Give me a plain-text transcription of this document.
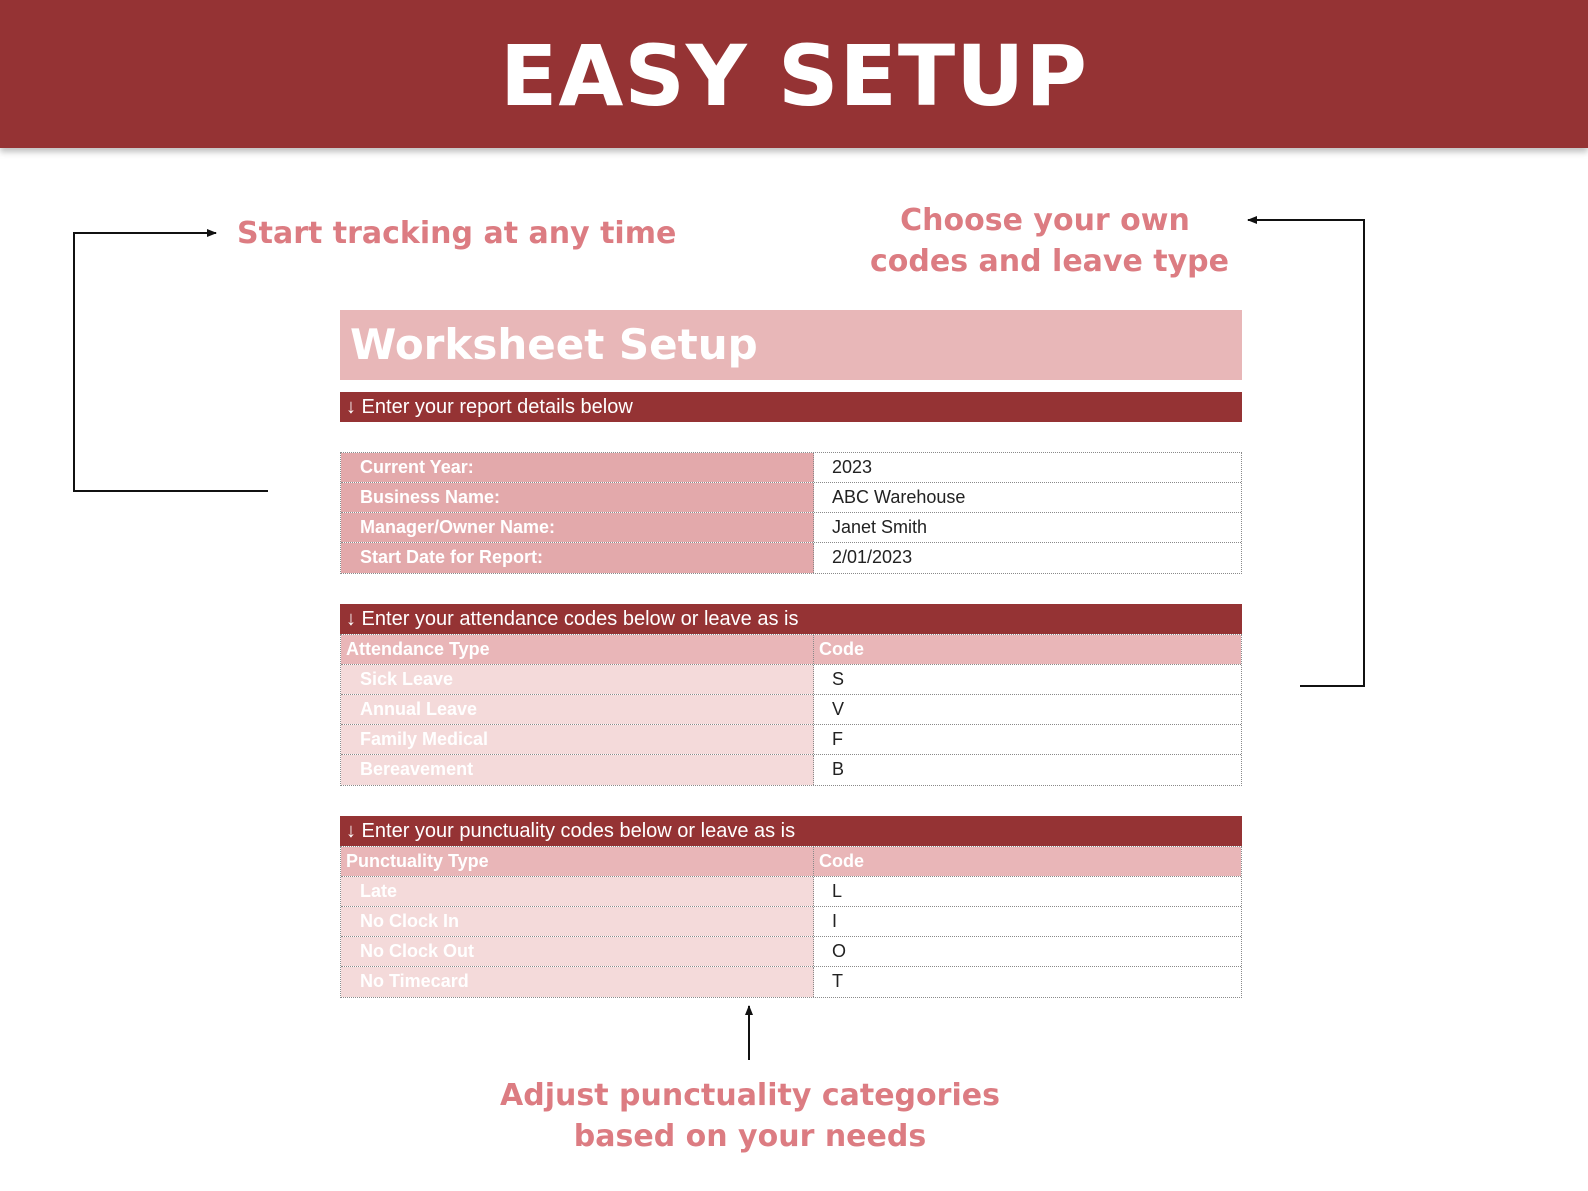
EASY SETUP
Start tracking at any time	Choose your own
codes and leave type
Adjust punctuality categories
based on your needs
Worksheet Setup
↓ Enter your report details below
Current Year:	2023
Business Name:	ABC Warehouse
Manager/Owner Name:	Janet Smith
Start Date for Report:	2/01/2023
↓ Enter your attendance codes below or leave as is
Attendance Type	Code
Sick Leave	S
Annual Leave	V
Family Medical	F
Bereavement	B
↓ Enter your punctuality codes below or leave as is
Punctuality Type	Code
Late	L
No Clock In	I
No Clock Out	O
No Timecard	T
